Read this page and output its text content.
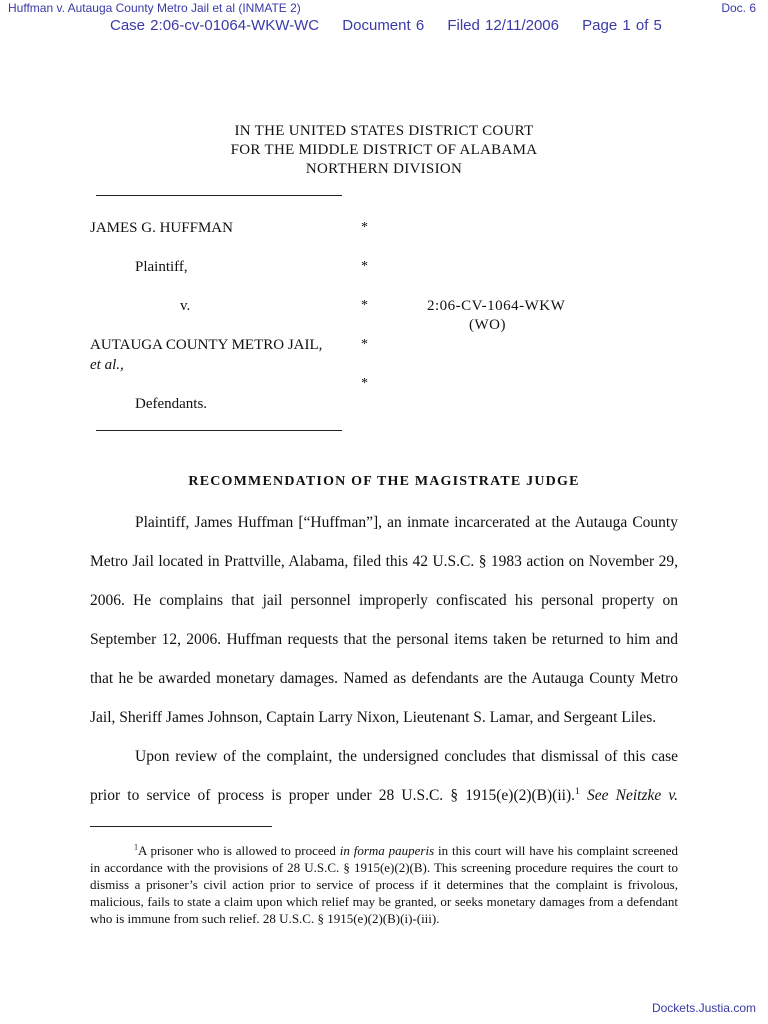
Huffman v. Autauga County Metro Jail et al (INMATE 2)	Doc. 6
Case 2:06-cv-01064-WKW-WC Document 6 Filed 12/11/2006 Page 1 of 5
IN THE UNITED STATES DISTRICT COURT
FOR THE MIDDLE DISTRICT OF ALABAMA
NORTHERN DIVISION
JAMES G. HUFFMAN	*
Plaintiff,	*
v.	*	2:06-CV-1064-WKW
(WO)
AUTAUGA COUNTY METRO JAIL,	*
et al.,
*
Defendants.
RECOMMENDATION OF THE MAGISTRATE JUDGE

Plaintiff, James Huffman [“Huffman”], an inmate incarcerated at the Autauga County Metro Jail located in Prattville, Alabama, filed this 42 U.S.C. § 1983 action on November 29, 2006. He complains that jail personnel improperly confiscated his personal property on September 12, 2006. Huffman requests that the personal items taken be returned to him and that he be awarded monetary damages. Named as defendants are the Autauga County Metro Jail, Sheriff James Johnson, Captain Larry Nixon, Lieutenant S. Lamar, and Sergeant Liles.

Upon review of the complaint, the undersigned concludes that dismissal of this case prior to service of process is proper under 28 U.S.C. § 1915(e)(2)(B)(ii).$^1$ See Neitzke v.

$^1$A prisoner who is allowed to proceed in forma pauperis in this court will have his complaint screened in accordance with the provisions of 28 U.S.C. § 1915(e)(2)(B). This screening procedure requires the court to dismiss a prisoner’s civil action prior to service of process if it determines that the complaint is frivolous, malicious, fails to state a claim upon which relief may be granted, or seeks monetary damages from a defendant who is immune from such relief. 28 U.S.C. § 1915(e)(2)(B)(i)-(iii).
Dockets.Justia.com
